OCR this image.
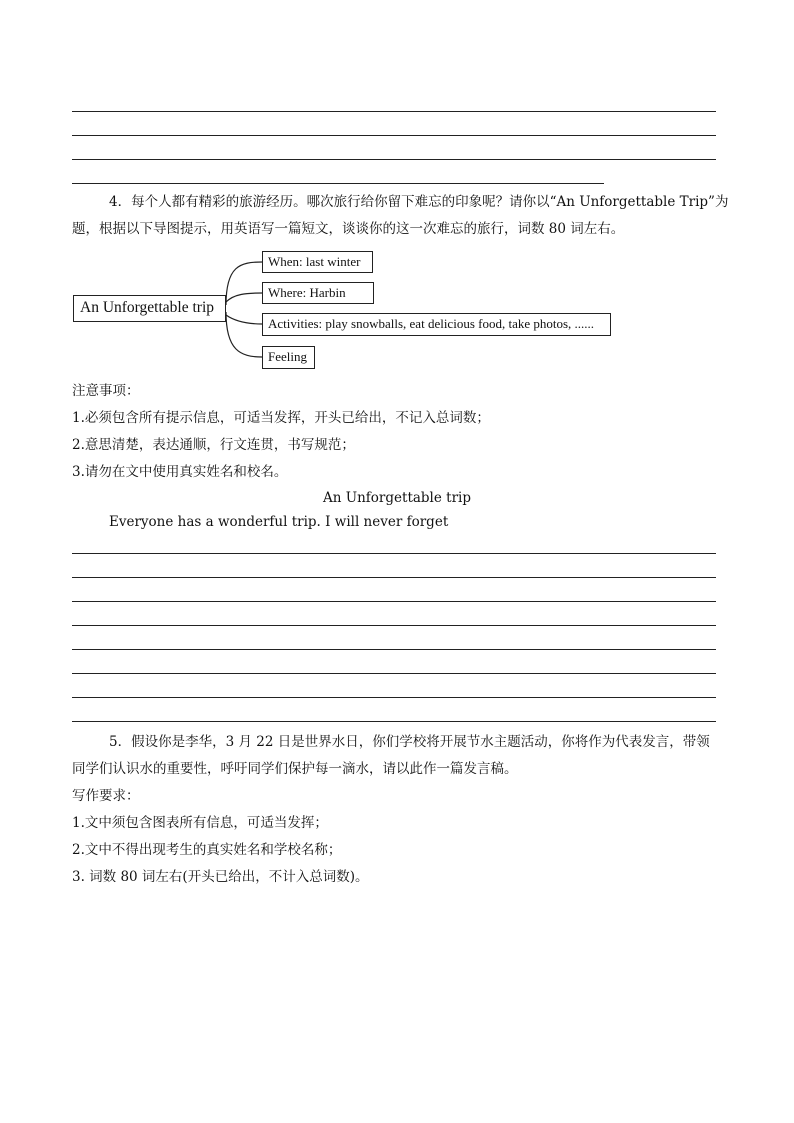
4．每个人都有精彩的旅游经历。哪次旅行给你留下难忘的印象呢？请你以“An Unforgettable Trip”为
题，根据以下导图提示，用英语写一篇短文，谈谈你的这一次难忘的旅行，词数 80 词左右。
An Unforgettable trip
When: last winter
Where: Harbin
Activities: play snowballs, eat delicious food, take photos, ......
Feeling
注意事项：
1.必须包含所有提示信息，可适当发挥，开头已给出，不记入总词数；
2.意思清楚，表达通顺，行文连贯，书写规范；
3.请勿在文中使用真实姓名和校名。
An Unforgettable trip
Everyone has a wonderful trip. I will never forget
5．假设你是李华，3 月 22 日是世界水日，你们学校将开展节水主题活动，你将作为代表发言，带领
同学们认识水的重要性，呼吁同学们保护每一滴水，请以此作一篇发言稿。
写作要求：
1.文中须包含图表所有信息，可适当发挥；
2.文中不得出现考生的真实姓名和学校名称；
3. 词数 80 词左右(开头已给出，不计入总词数)。
